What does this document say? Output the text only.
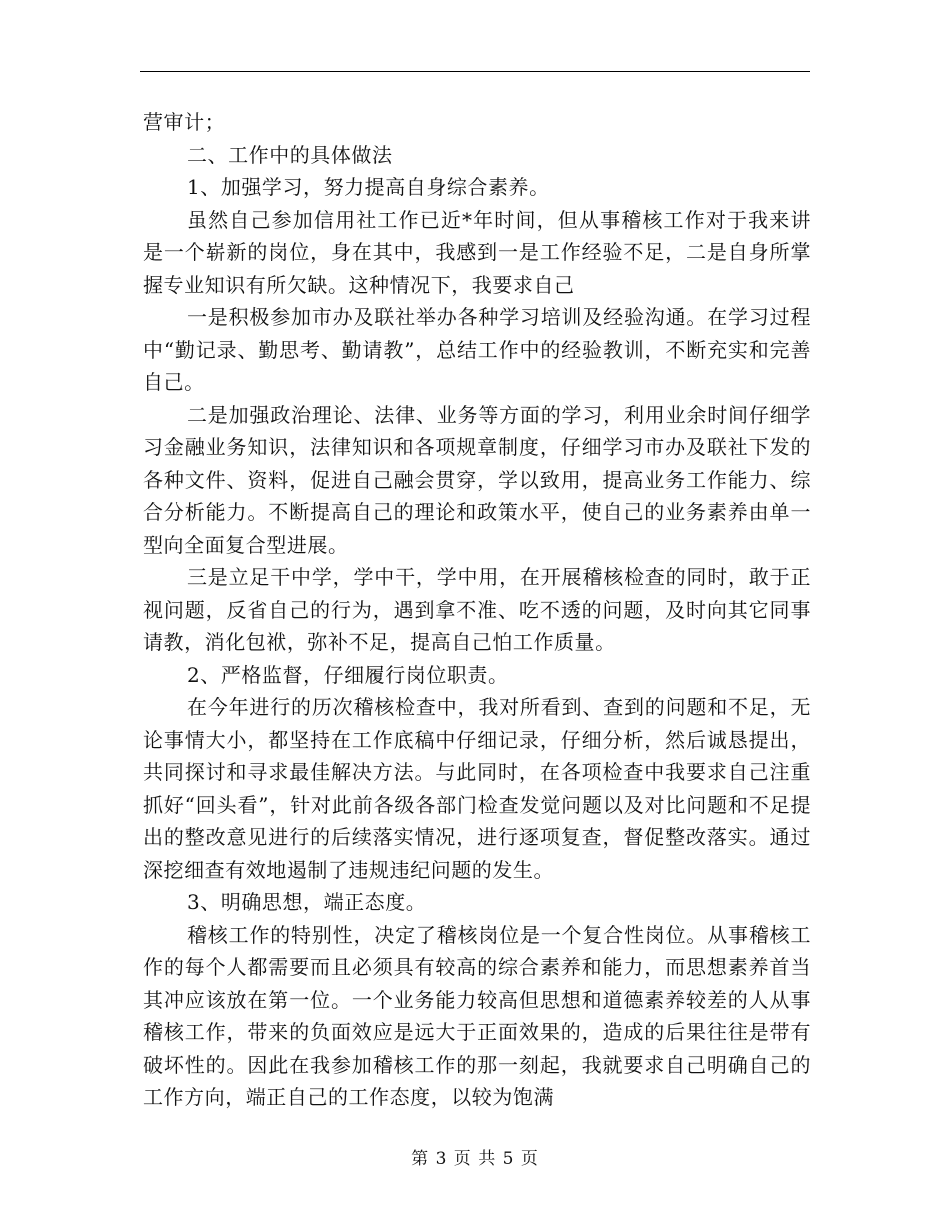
营审计；

二、工作中的具体做法

1、加强学习，努力提高自身综合素养。

虽然自己参加信用社工作已近*年时间，但从事稽核工作对于我来讲是一个崭新的岗位，身在其中，我感到一是工作经验不足，二是自身所掌握专业知识有所欠缺。这种情况下，我要求自己

一是积极参加市办及联社举办各种学习培训及经验沟通。在学习过程中“勤记录、勤思考、勤请教”，总结工作中的经验教训，不断充实和完善自己。

二是加强政治理论、法律、业务等方面的学习，利用业余时间仔细学习金融业务知识，法律知识和各项规章制度，仔细学习市办及联社下发的各种文件、资料，促进自己融会贯穿，学以致用，提高业务工作能力、综合分析能力。不断提高自己的理论和政策水平，使自己的业务素养由单一型向全面复合型进展。

三是立足干中学，学中干，学中用，在开展稽核检查的同时，敢于正视问题，反省自己的行为，遇到拿不准、吃不透的问题，及时向其它同事请教，消化包袱，弥补不足，提高自己怕工作质量。

2、严格监督，仔细履行岗位职责。

在今年进行的历次稽核检查中，我对所看到、查到的问题和不足，无论事情大小，都坚持在工作底稿中仔细记录，仔细分析，然后诚恳提出，共同探讨和寻求最佳解决方法。与此同时，在各项检查中我要求自己注重抓好“回头看”，针对此前各级各部门检查发觉问题以及对比问题和不足提出的整改意见进行的后续落实情况，进行逐项复查，督促整改落实。通过深挖细查有效地遏制了违规违纪问题的发生。

3、明确思想，端正态度。

稽核工作的特别性，决定了稽核岗位是一个复合性岗位。从事稽核工作的每个人都需要而且必须具有较高的综合素养和能力，而思想素养首当其冲应该放在第一位。一个业务能力较高但思想和道德素养较差的人从事稽核工作，带来的负面效应是远大于正面效果的，造成的后果往往是带有破坏性的。因此在我参加稽核工作的那一刻起，我就要求自己明确自己的工作方向，端正自己的工作态度，以较为饱满

第 3 页 共 5 页
